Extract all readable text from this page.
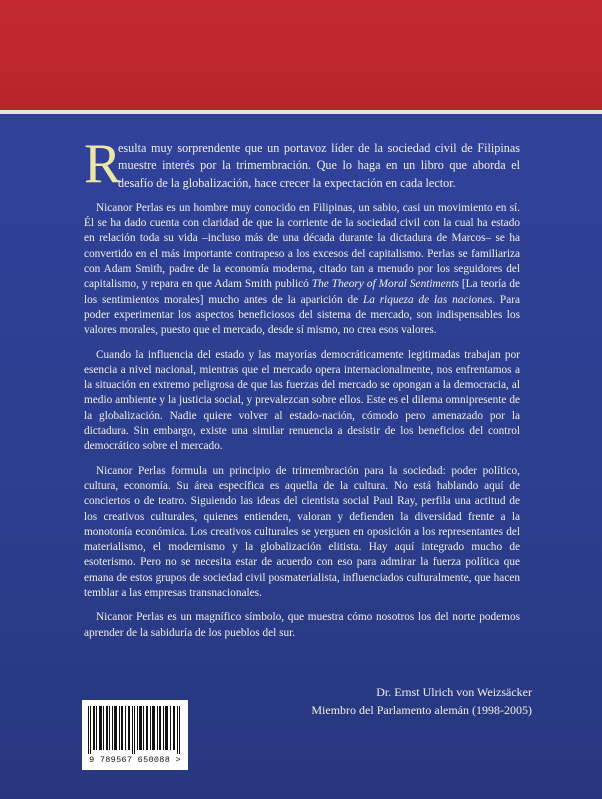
R
esulta muy sorprendente que un portavoz líder de la sociedad civil de Filipinas muestre interés por la trimembración. Que lo haga en un libro que aborda el desafío de la globalización, hace crecer la expectación en cada lector.

Nicanor Perlas es un hombre muy conocido en Filipinas, un sabio, casi un movimiento en sí. Él se ha dado cuenta con claridad de que la corriente de la sociedad civil con la cual ha estado en relación toda su vida –incluso más de una década durante la dictadura de Marcos– se ha convertido en el más importante contrapeso a los excesos del capitalismo. Perlas se familiariza con Adam Smith, padre de la economía moderna, citado tan a menudo por los seguidores del capitalismo, y repara en que Adam Smith publicó The Theory of Moral Sentiments [La teoría de los sentimientos morales] mucho antes de la aparición de La riqueza de las naciones. Para poder experimentar los aspectos beneficiosos del sistema de mercado, son indispensables los valores morales, puesto que el mercado, desde sí mismo, no crea esos valores.

Cuando la influencia del estado y las mayorías democráticamente legitimadas trabajan por esencia a nivel nacional, mientras que el mercado opera internacionalmente, nos enfrentamos a la situación en extremo peligrosa de que las fuerzas del mercado se opongan a la democracia, al medio ambiente y la justicia social, y prevalezcan sobre ellos. Este es el dilema omnipresente de la globalización. Nadie quiere volver al estado-nación, cómodo pero amenazado por la dictadura. Sin embargo, existe una similar renuencia a desistir de los beneficios del control democrático sobre el mercado.

Nicanor Perlas formula un principio de trimembración para la sociedad: poder político, cultura, economía. Su área específica es aquella de la cultura. No está hablando aquí de conciertos o de teatro. Siguiendo las ideas del cientista social Paul Ray, perfila una actitud de los creativos culturales, quienes entienden, valoran y defienden la diversidad frente a la monotonía económica. Los creativos culturales se yerguen en oposición a los representantes del materialismo, el modernismo y la globalización elitista. Hay aquí integrado mucho de esoterismo. Pero no se necesita estar de acuerdo con eso para admirar la fuerza política que emana de estos grupos de sociedad civil posmaterialista, influenciados culturalmente, que hacen temblar a las empresas transnacionales.

Nicanor Perlas es un magnífico símbolo, que muestra cómo nosotros los del norte podemos aprender de la sabiduría de los pueblos del sur.

Dr. Ernst Ulrich von Weizsäcker
Miembro del Parlamento alemán (1998-2005)
9 789567 650088 >
